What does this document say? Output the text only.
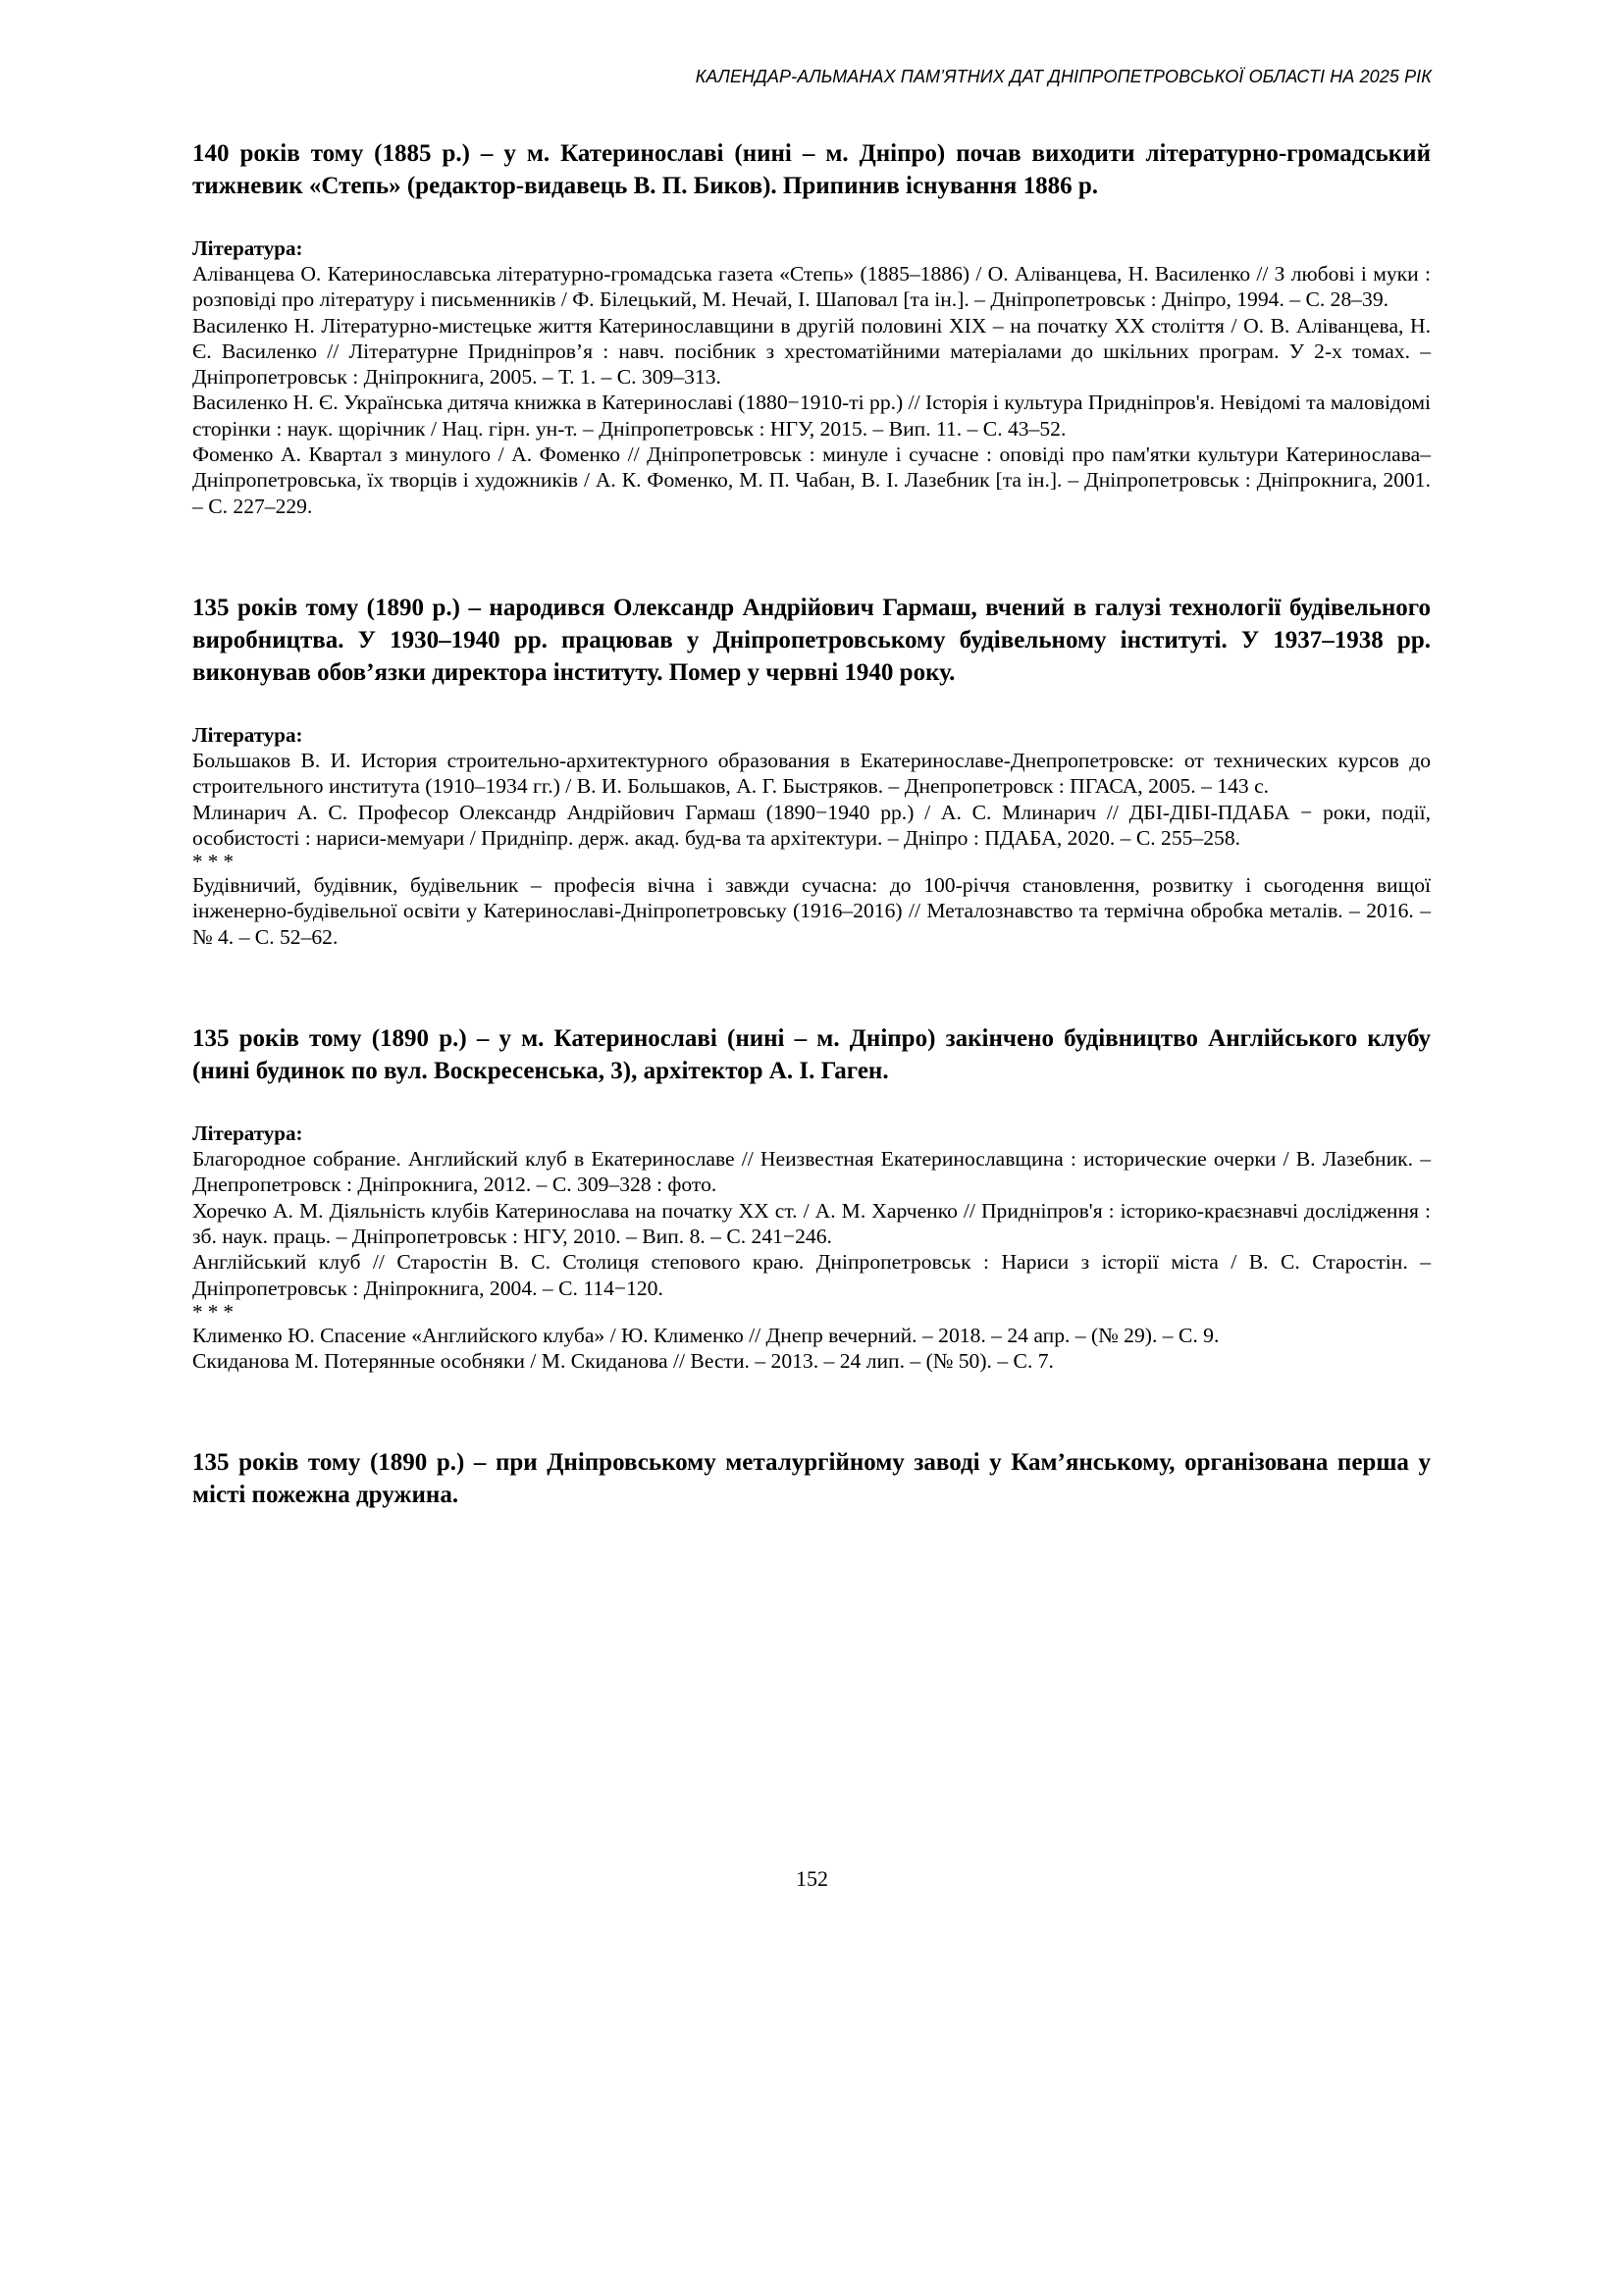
КАЛЕНДАР-АЛЬМАНАХ ПАМ’ЯТНИХ ДАТ ДНІПРОПЕТРОВСЬКОЇ ОБЛАСТІ НА 2025 РІК

140 років тому (1885 р.) – у м. Катеринославі (нині – м. Дніпро) почав виходити літературно-громадський тижневик «Степь» (редактор-видавець В. П. Биков). Припинив існування 1886 р.

Література:

Аліванцева О. Катеринославська літературно-громадська газета «Степь» (1885–1886) / О. Аліванцева, Н. Василенко // З любові і муки : розповіді про літературу і письменників / Ф. Білецький, М. Нечай, І. Шаповал [та ін.]. – Дніпропетровськ : Дніпро, 1994. – С. 28–39.

Василенко Н. Літературно-мистецьке життя Катеринославщини в другій половині XIX – на початку XX століття / О. В. Аліванцева, Н. Є. Василенко // Літературне Придніпров’я : навч. посібник з хрестоматійними матеріалами до шкільних програм. У 2-х томах. – Дніпропетровськ : Дніпрокнига, 2005. – Т. 1. – С. 309–313.

Василенко Н. Є. Українська дитяча книжка в Катеринославі (1880−1910-ті рр.) // Історія і культура Придніпров'я. Невідомі та маловідомі сторінки : наук. щорічник / Нац. гірн. ун-т. – Дніпропетровськ : НГУ, 2015. – Вип. 11. – С. 43–52.

Фоменко А. Квартал з минулого / А. Фоменко // Дніпропетровськ : минуле і сучасне : оповіді про пам'ятки культури Катеринослава–Дніпропетровська, їх творців і художників / А. К. Фоменко, М. П. Чабан, В. І. Лазебник [та ін.]. – Дніпропетровськ : Дніпрокнига, 2001. – С. 227–229.

135 років тому (1890 р.) – народився Олександр Андрійович Гармаш, вчений в галузі технології будівельного виробництва. У 1930–1940 рр. працював у Дніпропетровському будівельному інституті. У 1937–1938 рр. виконував обов’язки директора інституту. Помер у червні 1940 року.

Література:

Большаков В. И. История строительно-архитектурного образования в Екатеринославе-Днепропетровске: от технических курсов до строительного института (1910–1934 гг.) / В. И. Большаков, А. Г. Быстряков. – Днепропетровск : ПГАСА, 2005. – 143 с.

Млинарич А. С. Професор Олександр Андрійович Гармаш (1890−1940 рр.) / А. С. Млинарич // ДБІ-ДІБІ-ПДАБА − роки, події, особистості : нариси-мемуари / Придніпр. держ. акад. буд-ва та архітектури. – Дніпро : ПДАБА, 2020. – С. 255–258.

* * *

Будівничий, будівник, будівельник – професія вічна і завжди сучасна: до 100-річчя становлення, розвитку і сьогодення вищої інженерно-будівельної освіти у Катеринославі-Дніпропетровську (1916–2016) // Металознавство та термічна обробка металів. – 2016. – № 4. – С. 52–62.

135 років тому (1890 р.) – у м. Катеринославі (нині – м. Дніпро) закінчено будівництво Англійського клубу (нині будинок по вул. Воскресенська, 3), архітектор А. І. Гаген.

Література:

Благородное собрание. Английский клуб в Екатеринославе // Неизвестная Екатеринославщина : исторические очерки / В. Лазебник. – Днепропетровск : Дніпрокнига, 2012. – С. 309–328 : фото.

Хоречко А. М. Діяльність клубів Катеринослава на початку ХХ ст. / А. М. Харченко // Придніпров'я : історико-краєзнавчі дослідження : зб. наук. праць. – Дніпропетровськ : НГУ, 2010. – Вип. 8. – С. 241−246.

Англійський клуб // Старостін В. С. Столиця степового краю. Дніпропетровськ : Нариси з історії міста / В. С. Старостін. – Дніпропетровськ : Дніпрокнига, 2004. – С. 114−120.

* * *

Клименко Ю. Спасение «Английского клуба» / Ю. Клименко // Днепр вечерний. – 2018. – 24 апр. – (№ 29). – С. 9.

Скиданова М. Потерянные особняки / М. Скиданова // Вести. – 2013. – 24 лип. – (№ 50). – С. 7.

135 років тому (1890 р.) – при Дніпровському металургійному заводі у Кам’янському, організована перша у місті пожежна дружина.

152
